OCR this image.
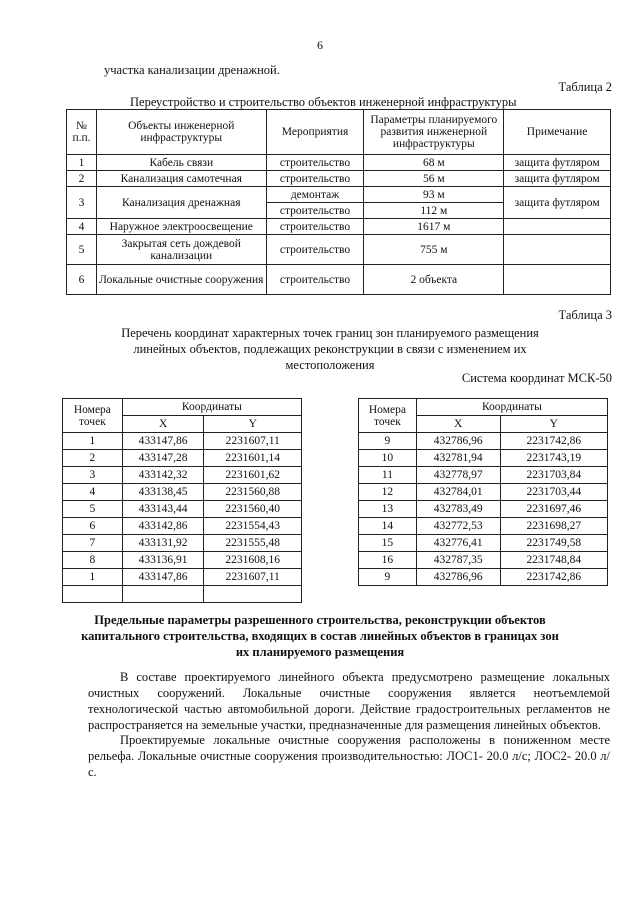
6
участка канализации дренажной.
Таблица 2
Переустройство и строительство объектов инженерной инфраструктуры
№ п.п.	Объекты инженерной инфраструктуры	Мероприятия	Параметры планируемого развития инженерной инфраструктуры	Примечание
1	Кабель связи	строительство	68 м	защита футляром
2	Канализация самотечная	строительство	56 м	защита футляром
3	Канализация дренажная	демонтаж	93 м	защита футляром
		строительство	112 м	
4	Наружное электроосвещение	строительство	1617 м	
5	Закрытая сеть дождевой канализации	строительство	755 м	
6	Локальные очистные сооружения	строительство	2 объекта	
Таблица 3
Перечень координат характерных точек границ зон планируемого размещения линейных объектов, подлежащих реконструкции в связи с изменением их местоположения
Система координат МСК-50
Номера точек	Координаты	
	X	Y
1	433147,86	2231607,11
2	433147,28	2231601,14
3	433142,32	2231601,62
4	433138,45	2231560,88
5	433143,44	2231560,40
6	433142,86	2231554,43
7	433131,92	2231555,48
8	433136,91	2231608,16
1	433147,86	2231607,11

Номера точек	Координаты	
	X	Y
9	432786,96	2231742,86
10	432781,94	2231743,19
11	432778,97	2231703,84
12	432784,01	2231703,44
13	432783,49	2231697,46
14	432772,53	2231698,27
15	432776,41	2231749,58
16	432787,35	2231748,84
9	432786,96	2231742,86
Предельные параметры разрешенного строительства, реконструкции объектов капитального строительства, входящих в состав линейных объектов в границах зон их планируемого размещения
В составе проектируемого линейного объекта предусмотрено размещение локальных очистных сооружений. Локальные очистные сооружения является неотъемлемой технологической частью автомобильной дороги. Действие градостроительных регламентов не распространяется на земельные участки, предназначенные для размещения линейных объектов.
Проектируемые локальные очистные сооружения расположены в пониженном месте рельефа. Локальные очистные сооружения производительностью: ЛОС1- 20.0 л/с; ЛОС2- 20.0 л/с.
